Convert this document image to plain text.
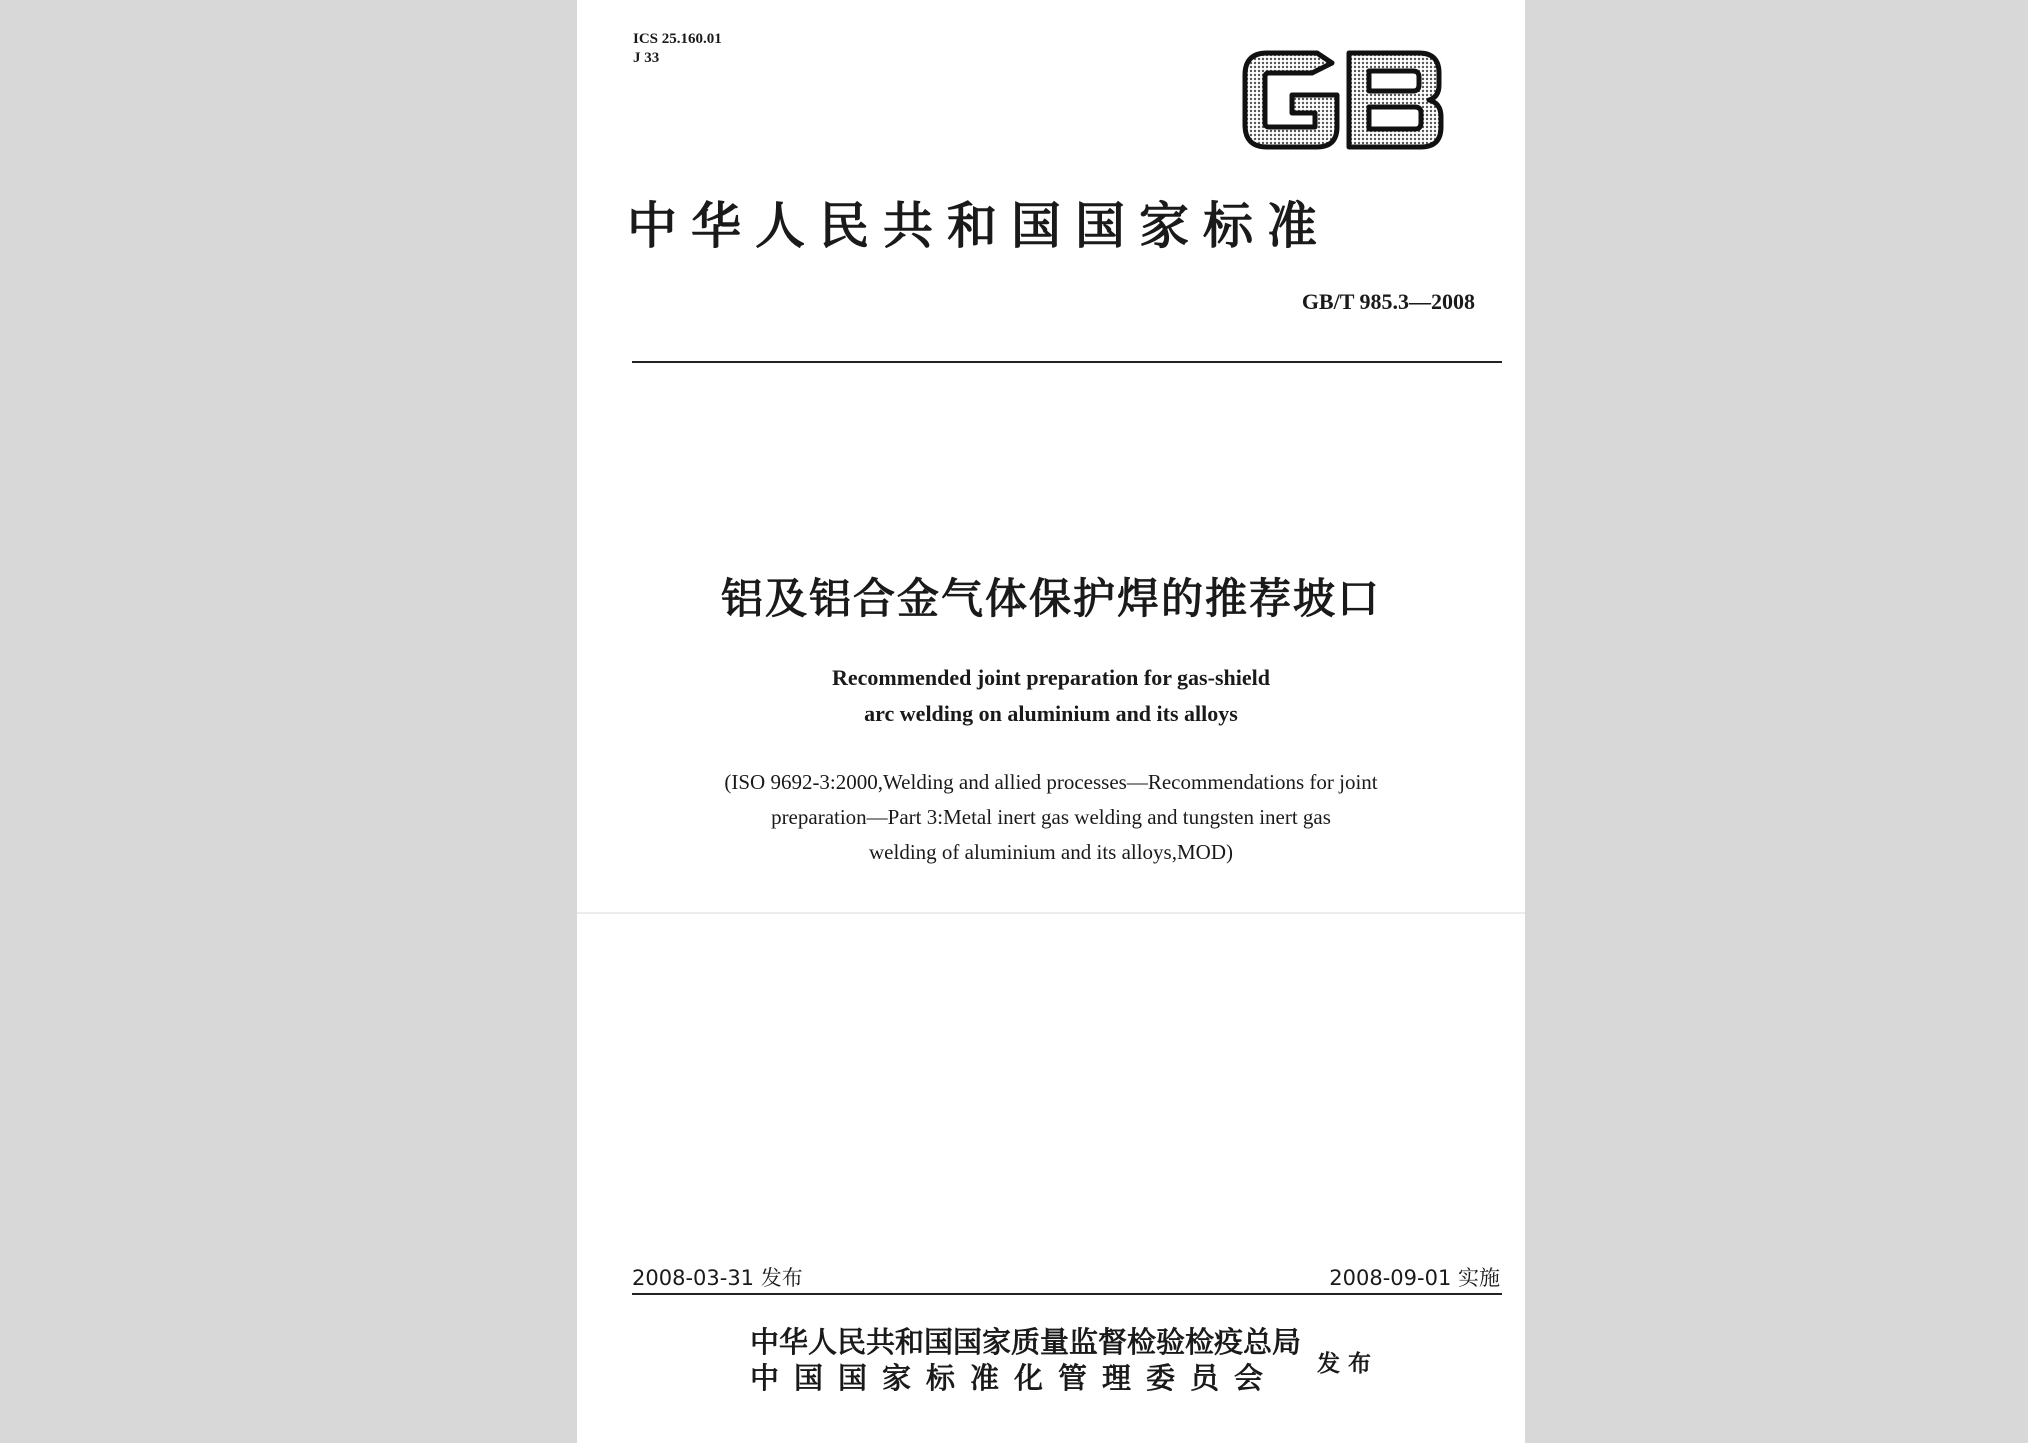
ICS 25.160.01
J 33
中华人民共和国国家标准
GB/T 985.3—2008
铝及铝合金气体保护焊的推荐坡口
Recommended joint preparation for gas-shield
arc welding on aluminium and its alloys
(ISO 9692-3:2000,Welding and allied processes—Recommendations for joint
preparation—Part 3:Metal inert gas welding and tungsten inert gas
welding of aluminium and its alloys,MOD)
2008-03-31 发布	2008-09-01 实施
中华人民共和国国家质量监督检验检疫总局
中国国家标准化管理委员会	发布
